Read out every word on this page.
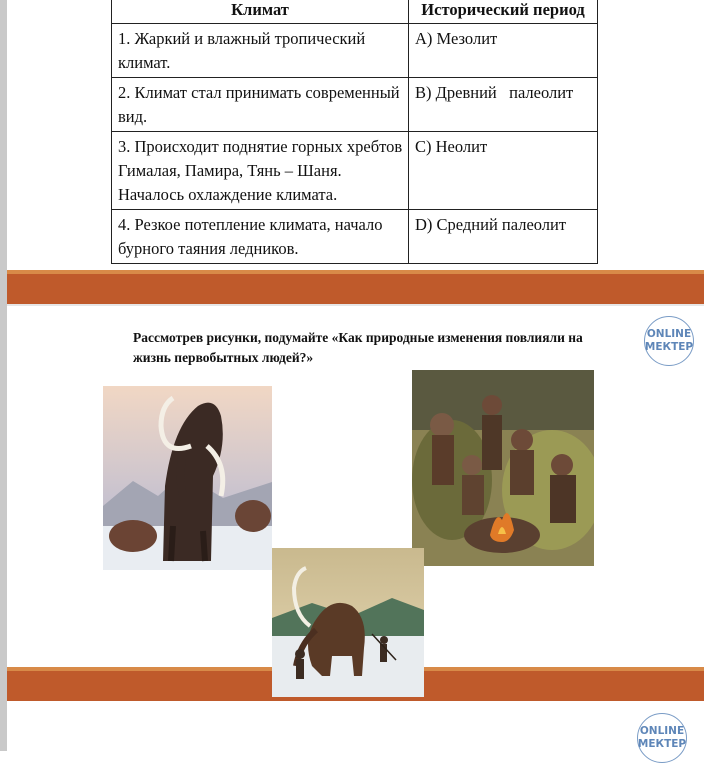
Климат	Исторический период
1. Жаркий и влажный тропический климат.	A) Мезолит
2. Климат стал принимать современный вид.	B) Древний   палеолит
3. Происходит поднятие горных хребтов Гималая, Памира, Тянь – Шаня. Началось охлаждение климата.	C) Неолит
4. Резкое потепление климата, начало бурного таяния ледников.	D) Средний палеолит
Рассмотрев рисунки, подумайте «Как природные изменения повлияли на жизнь первобытных людей?»
ONLINE
МЕКТЕР
ONLINE
МЕКТЕР
